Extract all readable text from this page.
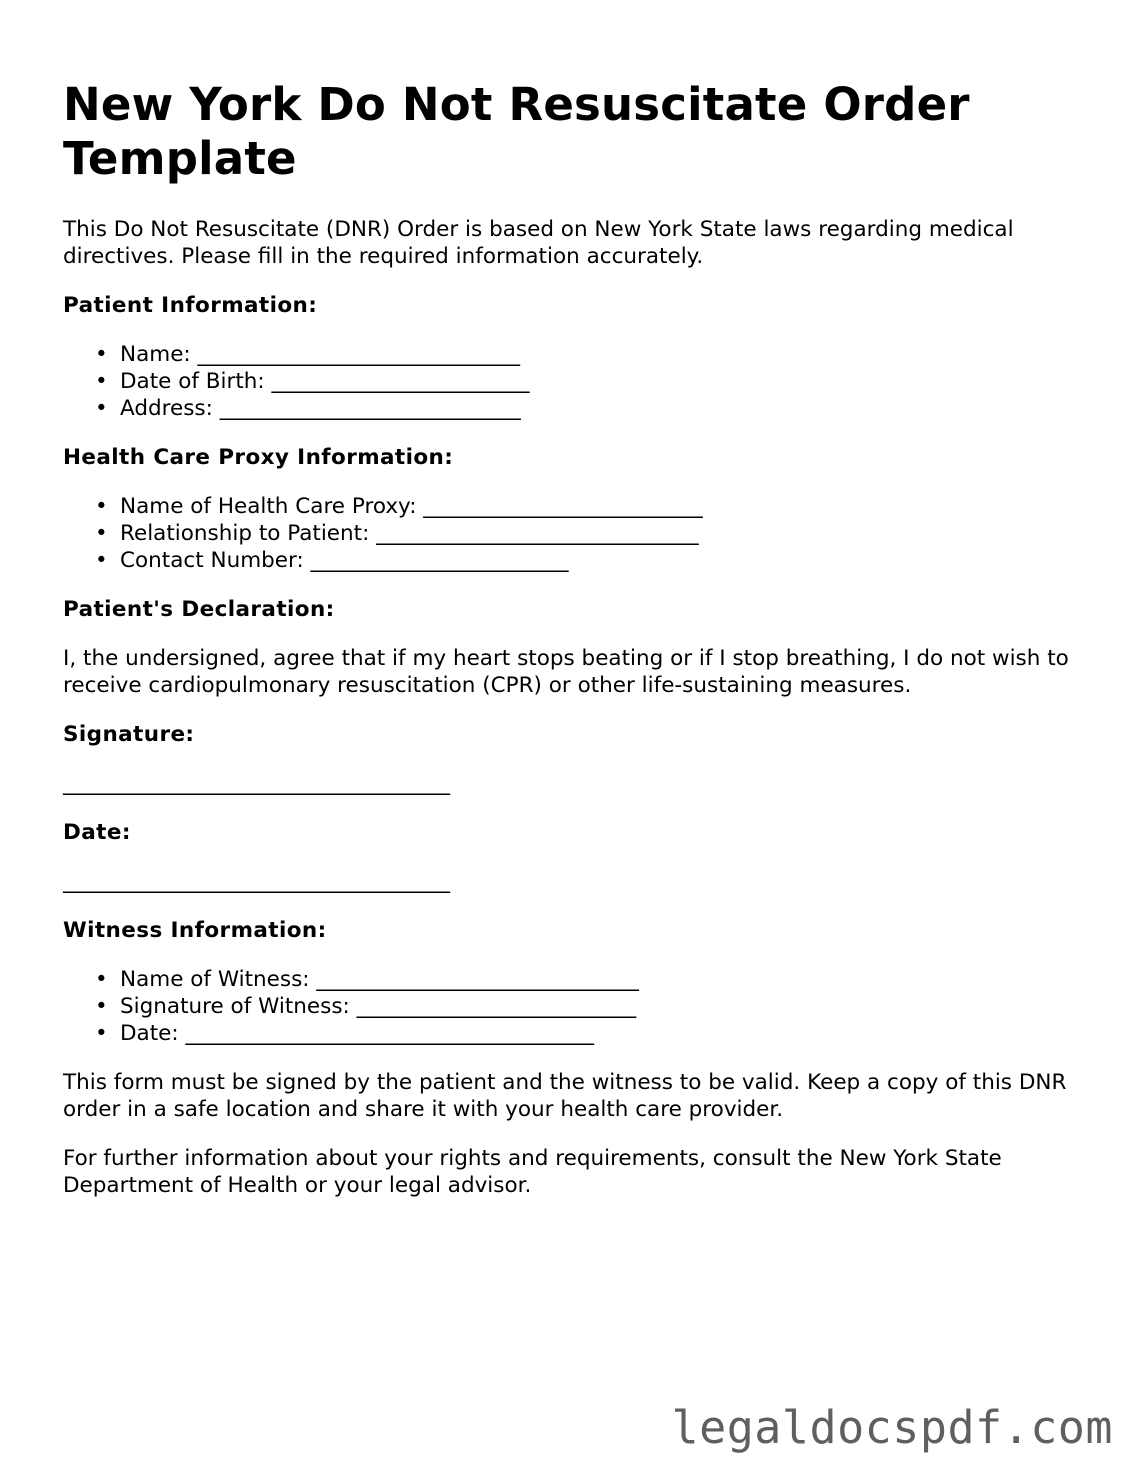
New York Do Not Resuscitate Order Template

This Do Not Resuscitate (DNR) Order is based on New York State laws regarding medical directives. Please fill in the required information accurately.

Patient Information:
• Name: ______________________________
• Date of Birth: ________________________
• Address: ____________________________
Health Care Proxy Information:
• Name of Health Care Proxy: __________________________
• Relationship to Patient: ______________________________
• Contact Number: ________________________
Patient's Declaration:

I, the undersigned, agree that if my heart stops beating or if I stop breathing, I do not wish to receive cardiopulmonary resuscitation (CPR) or other life-sustaining measures.

Signature:
____________________________________
Date:
____________________________________
Witness Information:
• Name of Witness: ______________________________
• Signature of Witness: __________________________
• Date: ______________________________________

This form must be signed by the patient and the witness to be valid. Keep a copy of this DNR order in a safe location and share it with your health care provider.

For further information about your rights and requirements, consult the New York State Department of Health or your legal advisor.

legaldocspdf.com
